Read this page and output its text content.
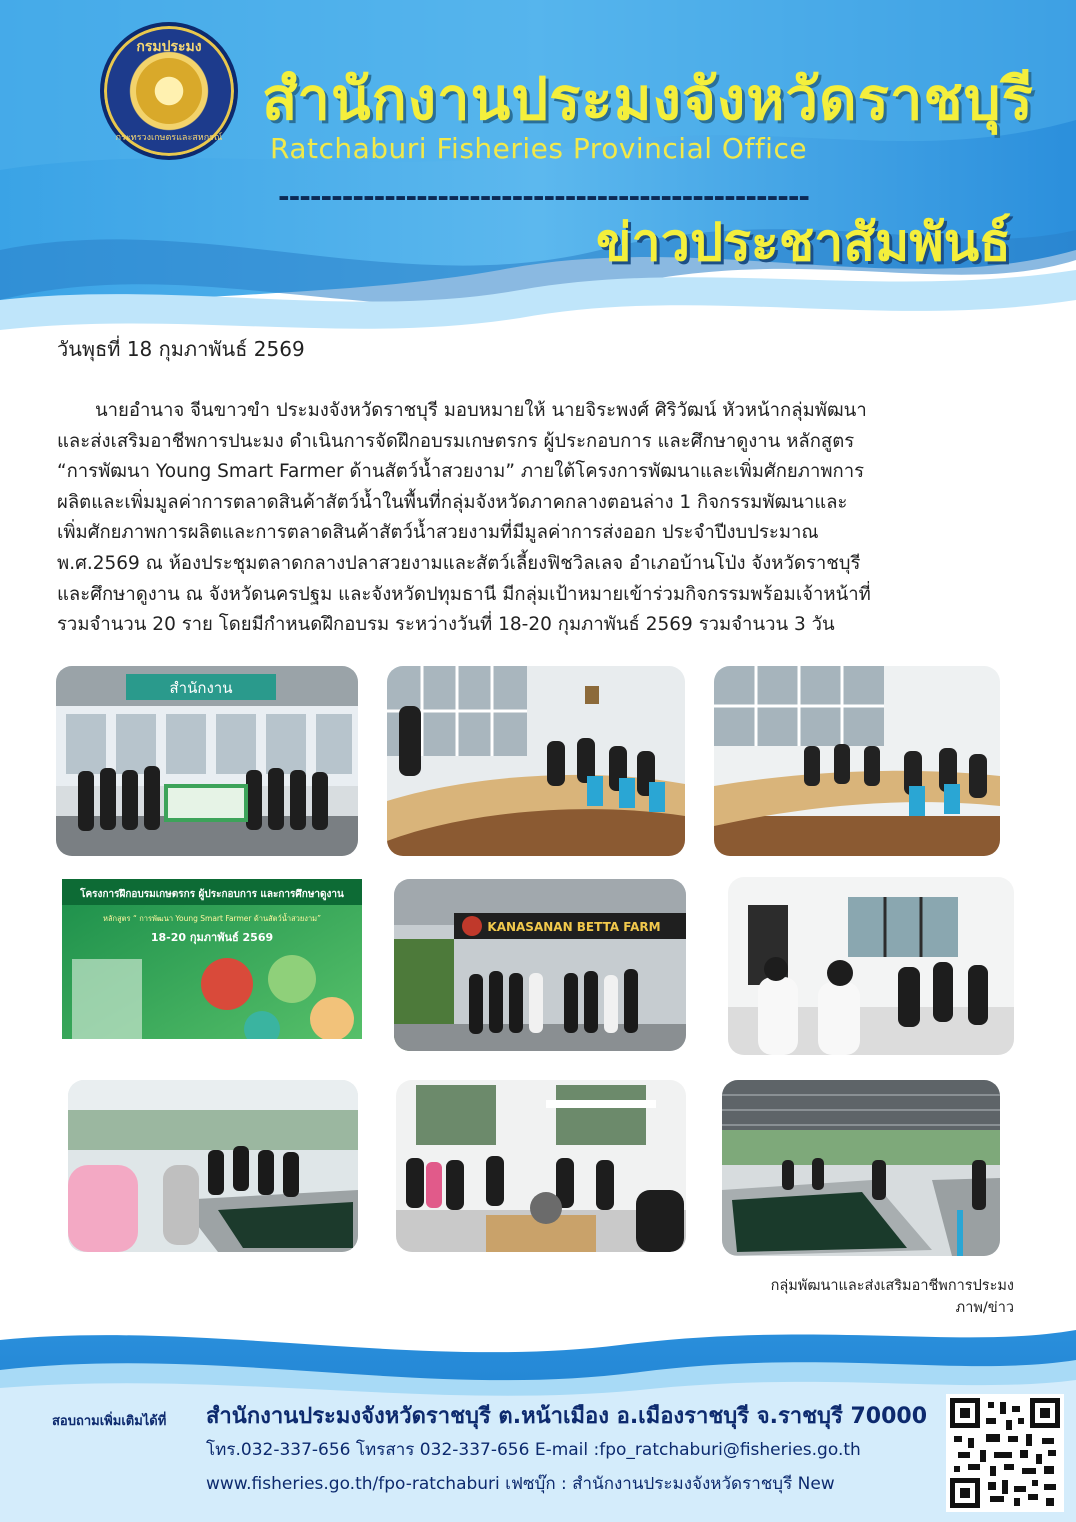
กรมประมง
กระทรวงเกษตรและสหกรณ์
สำนักงานประมงจังหวัดราชบุรี
Ratchaburi Fisheries Provincial Office
--------------------------------------------------
ข่าวประชาสัมพันธ์
วันพุธที่ 18 กุมภาพันธ์ 2569
นายอำนาจ จีนขาวขำ ประมงจังหวัดราชบุรี มอบหมายให้ นายจิระพงศ์ ศิริวัฒน์ หัวหน้ากลุ่มพัฒนา
และส่งเสริมอาชีพการปนะมง ดำเนินการจัดฝึกอบรมเกษตรกร ผู้ประกอบการ และศึกษาดูงาน หลักสูตร
“การพัฒนา Young Smart Farmer ด้านสัตว์น้ำสวยงาม” ภายใต้โครงการพัฒนาและเพิ่มศักยภาพการ
ผลิตและเพิ่มมูลค่าการตลาดสินค้าสัตว์น้ำในพื้นที่กลุ่มจังหวัดภาคกลางตอนล่าง 1 กิจกรรมพัฒนาและ
เพิ่มศักยภาพการผลิตและการตลาดสินค้าสัตว์น้ำสวยงามที่มีมูลค่าการส่งออก ประจำปีงบประมาณ
พ.ศ.2569 ณ ห้องประชุมตลาดกลางปลาสวยงามและสัตว์เลี้ยงฟิชวิลเลจ อำเภอบ้านโป่ง จังหวัดราชบุรี
และศึกษาดูงาน ณ จังหวัดนครปฐม และจังหวัดปทุมธานี มีกลุ่มเป้าหมายเข้าร่วมกิจกรรมพร้อมเจ้าหน้าที่
รวมจำนวน 20 ราย โดยมีกำหนดฝึกอบรม ระหว่างวันที่ 18-20 กุมภาพันธ์ 2569 รวมจำนวน 3 วัน
สำนักงาน
โครงการฝึกอบรมเกษตรกร ผู้ประกอบการ และการศึกษาดูงาน
หลักสูตร “ การพัฒนา Young Smart Farmer ด้านสัตว์น้ำสวยงาม”
18-20 กุมภาพันธ์ 2569
KANASANAN BETTA FARM
กลุ่มพัฒนาและส่งเสริมอาชีพการประมง
ภาพ/ข่าว
สอบถามเพิ่มเติมได้ที่ สำนักงานประมงจังหวัดราชบุรี ต.หน้าเมือง อ.เมืองราชบุรี จ.ราชบุรี 70000
โทร.032-337-656 โทรสาร 032-337-656 E-mail :fpo_ratchaburi@fisheries.go.th
www.fisheries.go.th/fpo-ratchaburi เฟซบุ๊ก : สำนักงานประมงจังหวัดราชบุรี New
